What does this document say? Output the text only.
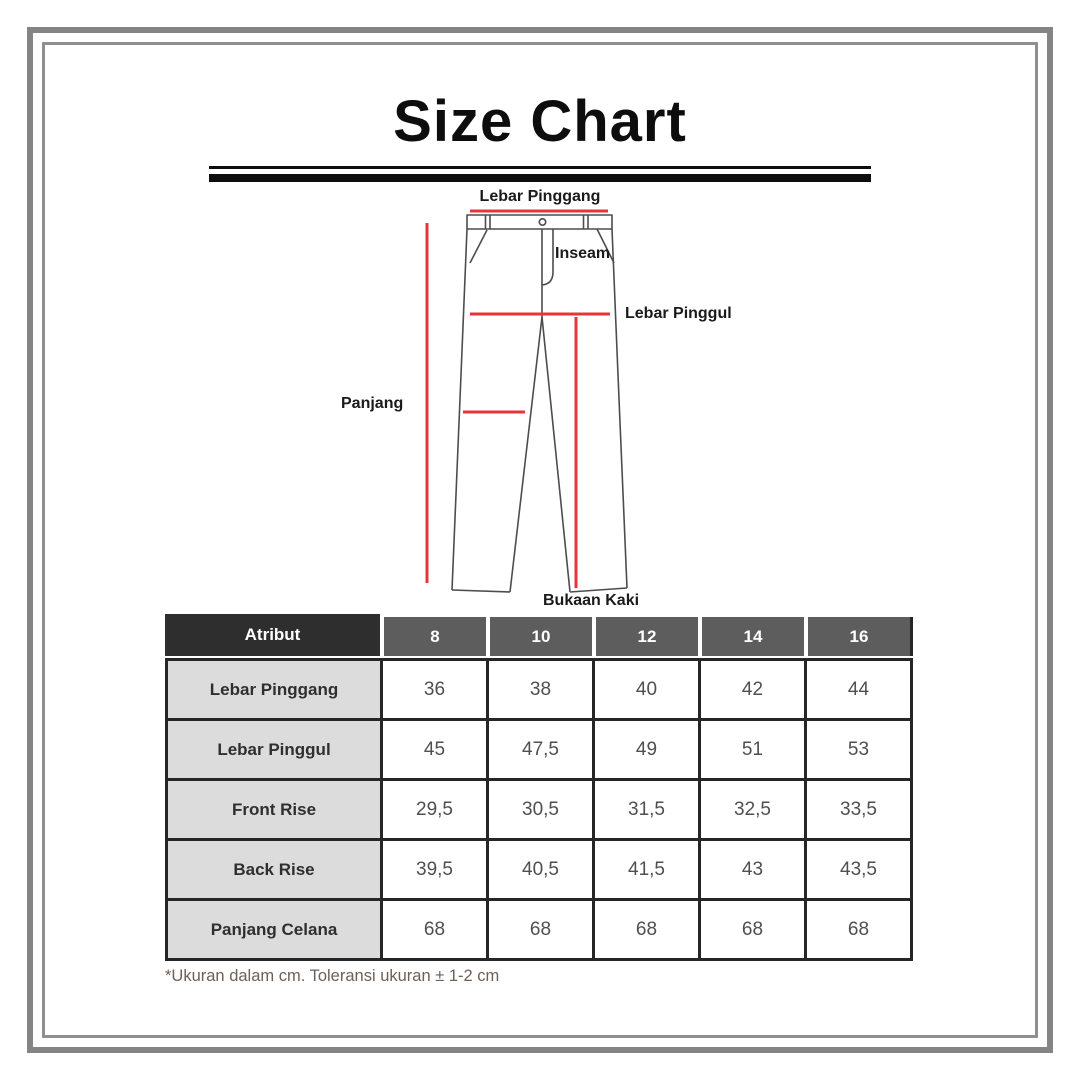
Size Chart
Lebar Pinggang
Inseam
Lebar Pinggul
Panjang
Bukaan Kaki
Atribut	8	10	12	14	16
Lebar Pinggang	36	38	40	42	44
Lebar Pinggul	45	47,5	49	51	53
Front Rise	29,5	30,5	31,5	32,5	33,5
Back Rise	39,5	40,5	41,5	43	43,5
Panjang Celana	68	68	68	68	68
*Ukuran dalam cm. Toleransi ukuran ± 1-2 cm
